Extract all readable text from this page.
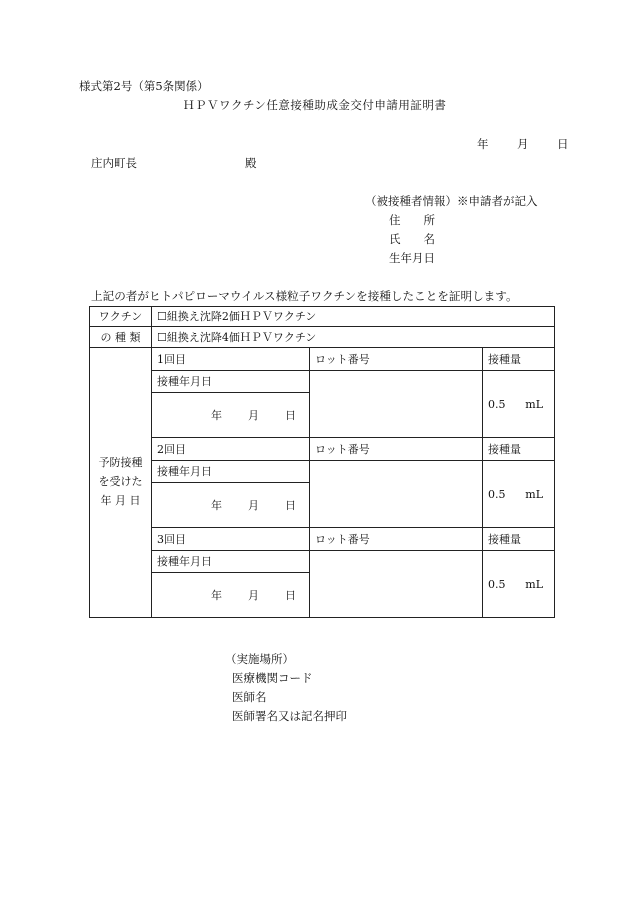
様式第2号（第5条関係）
ＨＰＶワクチン任意接種助成金交付申請用証明書
年 月 日
庄内町長	殿
（被接種者情報）※申請者が記入
住　　所
氏　　名
生年月日
上記の者がヒトパピローマウイルス様粒子ワクチンを接種したことを証明します。
ワクチン	☐組換え沈降2価ＨＰＶワクチン		
の 種 類	☐組換え沈降4価ＨＰＶワクチン		
予防接種を受けた年 月 日	1回目	ロット番号	接種量
	接種年月日		0.5 mL

	年 月 日		

	2回目	ロット番号	接種量
	接種年月日		0.5 mL

	年 月 日		

	3回目	ロット番号	接種量
	接種年月日		0.5 mL

	年 月 日		
（実施場所）
医療機関コード
医師名
医師署名又は記名押印
